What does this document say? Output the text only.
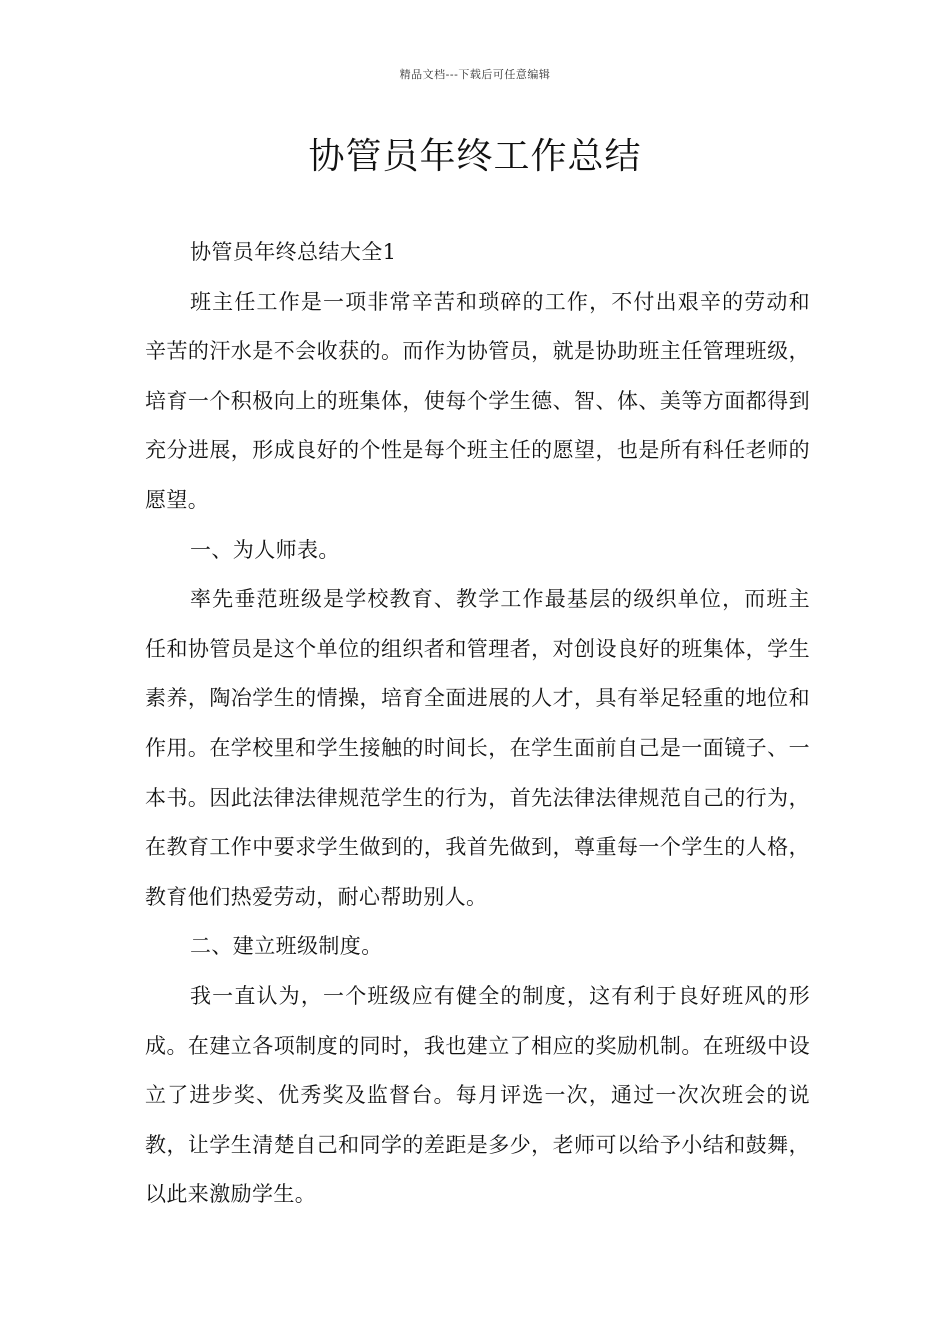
精品文档---下载后可任意编辑
协管员年终工作总结

协管员年终总结大全1

班主任工作是一项非常辛苦和琐碎的工作，不付出艰辛的劳动和辛苦的汗水是不会收获的。而作为协管员，就是协助班主任管理班级，培育一个积极向上的班集体，使每个学生德、智、体、美等方面都得到充分进展，形成良好的个性是每个班主任的愿望，也是所有科任老师的愿望。

一、为人师表。

率先垂范班级是学校教育、教学工作最基层的级织单位，而班主任和协管员是这个单位的组织者和管理者，对创设良好的班集体，学生素养，陶冶学生的情操，培育全面进展的人才，具有举足轻重的地位和作用。在学校里和学生接触的时间长，在学生面前自己是一面镜子、一本书。因此法律法律规范学生的行为，首先法律法律规范自己的行为，在教育工作中要求学生做到的，我首先做到，尊重每一个学生的人格，教育他们热爱劳动，耐心帮助别人。

二、建立班级制度。

我一直认为，一个班级应有健全的制度，这有利于良好班风的形成。在建立各项制度的同时，我也建立了相应的奖励机制。在班级中设立了进步奖、优秀奖及监督台。每月评选一次，通过一次次班会的说教，让学生清楚自己和同学的差距是多少，老师可以给予小结和鼓舞，以此来激励学生。
